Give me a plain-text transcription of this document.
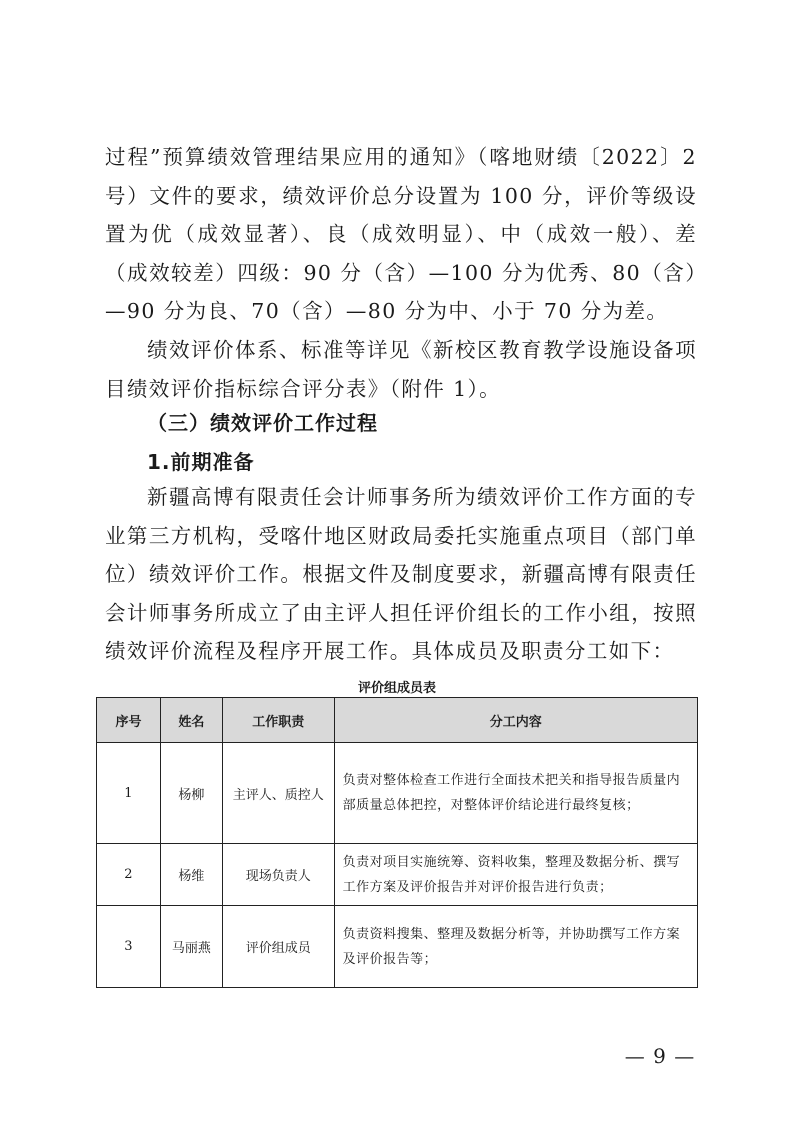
过程”预算绩效管理结果应用的通知》（喀地财绩〔2022〕2 号）文件的要求，绩效评价总分设置为 100 分，评价等级设置为优（成效显著）、良（成效明显）、中（成效一般）、差（成效较差）四级：90 分（含）—100 分为优秀、80（含）—90 分为良、70（含）—80 分为中、小于 70 分为差。

绩效评价体系、标准等详见《新校区教育教学设施设备项目绩效评价指标综合评分表》（附件 1）。

（三）绩效评价工作过程
1.前期准备

新疆高博有限责任会计师事务所为绩效评价工作方面的专业第三方机构，受喀什地区财政局委托实施重点项目（部门单位）绩效评价工作。根据文件及制度要求，新疆高博有限责任会计师事务所成立了由主评人担任评价组长的工作小组，按照绩效评价流程及程序开展工作。具体成员及职责分工如下：

评价组成员表
序号	姓名	工作职责	分工内容
1	杨柳	主评人、质控人	负责对整体检查工作进行全面技术把关和指导报告质量内部质量总体把控，对整体评价结论进行最终复核；
2	杨维	现场负责人	负责对项目实施统筹、资料收集，整理及数据分析、撰写工作方案及评价报告并对评价报告进行负责；
3	马丽燕	评价组成员	负责资料搜集、整理及数据分析等，并协助撰写工作方案及评价报告等；
— 9 —
